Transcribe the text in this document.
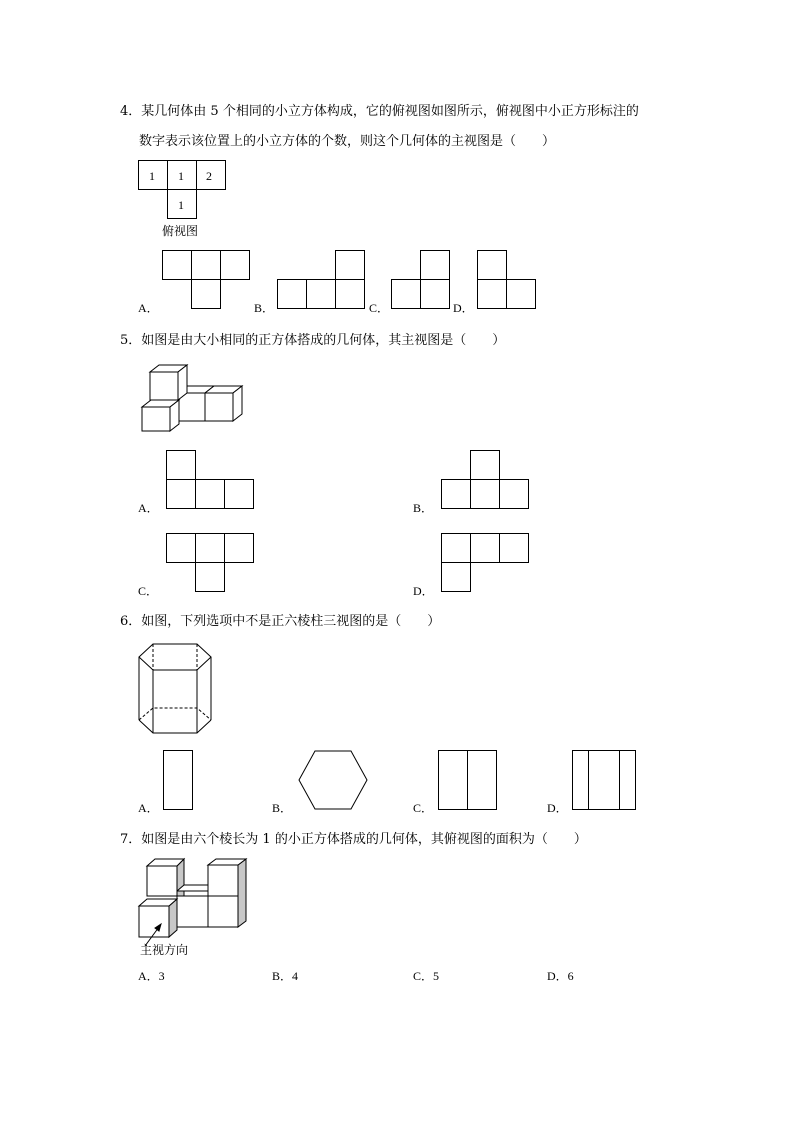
4．某几何体由 5 个相同的小立方体构成，它的俯视图如图所示，俯视图中小正方形标注的
数字表示该位置上的小立方体的个数，则这个几何体的主视图是（　　）
1 1 2
1
俯视图
A．	B．	C．	D．
5．如图是由大小相同的正方体搭成的几何体，其主视图是（　　）
A．	B．
C．	D．
6．如图，下列选项中不是正六棱柱三视图的是（　　）
A．	B．	C．	D．
7．如图是由六个棱长为 1 的小正方体搭成的几何体，其俯视图的面积为（　　）
主视方向
A．3	B．4	C．5	D．6
